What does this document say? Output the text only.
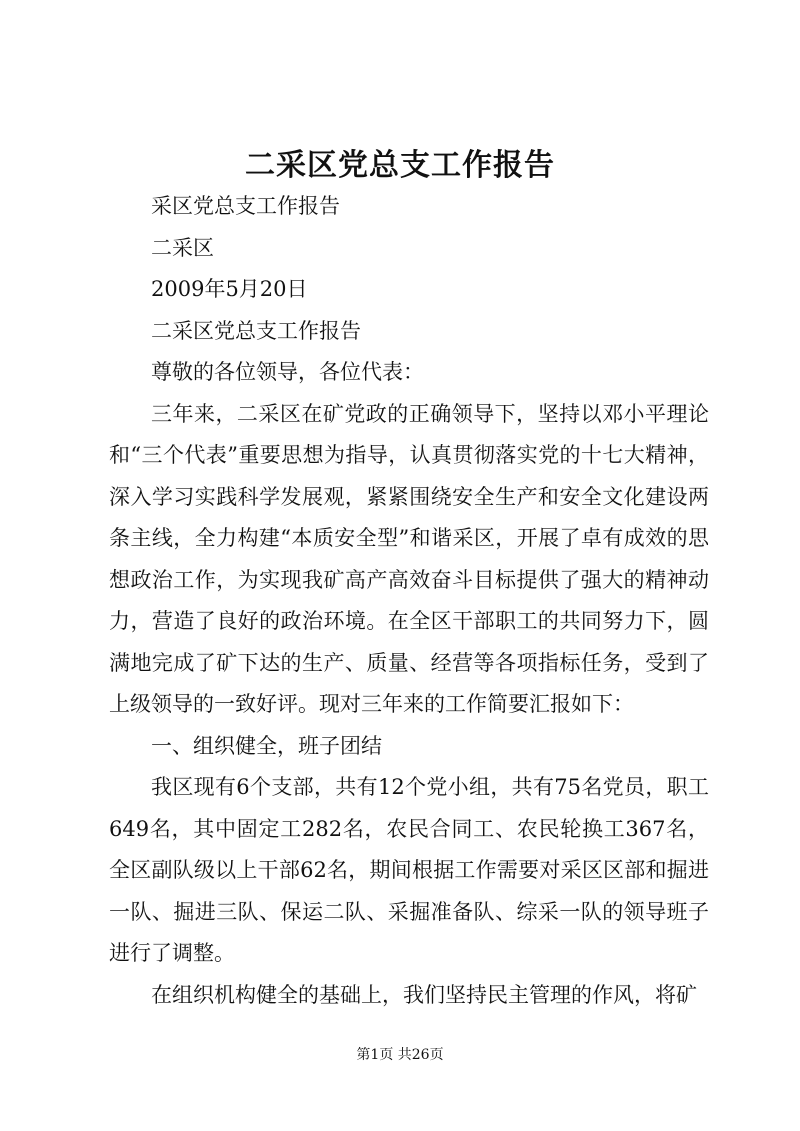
二采区党总支工作报告

采区党总支工作报告

二采区

2009年5月20日

二采区党总支工作报告

尊敬的各位领导，各位代表：

三年来，二采区在矿党政的正确领导下，坚持以邓小平理论和“三个代表”重要思想为指导，认真贯彻落实党的十七大精神，深入学习实践科学发展观，紧紧围绕安全生产和安全文化建设两条主线，全力构建“本质安全型”和谐采区，开展了卓有成效的思想政治工作，为实现我矿高产高效奋斗目标提供了强大的精神动力，营造了良好的政治环境。在全区干部职工的共同努力下，圆满地完成了矿下达的生产、质量、经营等各项指标任务，受到了上级领导的一致好评。现对三年来的工作简要汇报如下：

一、组织健全，班子团结

我区现有6个支部，共有12个党小组，共有75名党员，职工649名，其中固定工282名，农民合同工、农民轮换工367名，全区副队级以上干部62名，期间根据工作需要对采区区部和掘进一队、掘进三队、保运二队、采掘准备队、综采一队的领导班子进行了调整。

在组织机构健全的基础上，我们坚持民主管理的作风，将矿

第1页 共26页
